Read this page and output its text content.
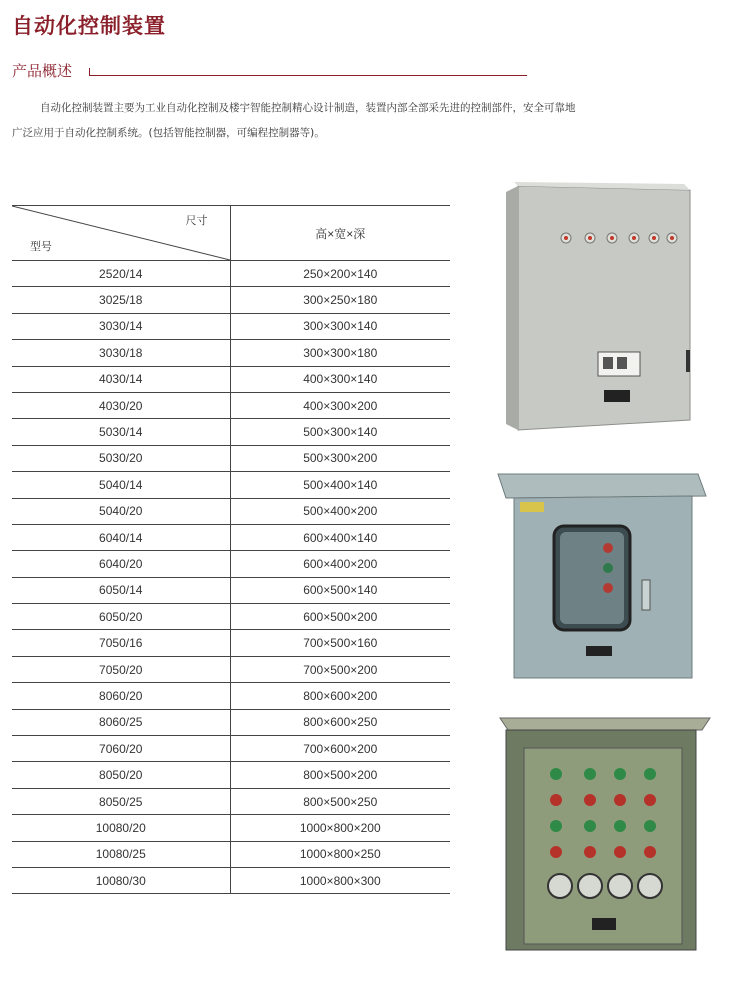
自动化控制装置
产品概述

自动化控制装置主要为工业自动化控制及楼宇智能控制精心设计制造，装置内部全部采先进的控制部件，安全可靠地广泛应用于自动化控制系统。(包括智能控制器，可编程控制器等)。

尺寸
型号	高×宽×深
2520/14	250×200×140
3025/18	300×250×180
3030/14	300×300×140
3030/18	300×300×180
4030/14	400×300×140
4030/20	400×300×200
5030/14	500×300×140
5030/20	500×300×200
5040/14	500×400×140
5040/20	500×400×200
6040/14	600×400×140
6040/20	600×400×200
6050/14	600×500×140
6050/20	600×500×200
7050/16	700×500×160
7050/20	700×500×200
8060/20	800×600×200
8060/25	800×600×250
7060/20	700×600×200
8050/20	800×500×200
8050/25	800×500×250
10080/20	1000×800×200
10080/25	1000×800×250
10080/30	1000×800×300
